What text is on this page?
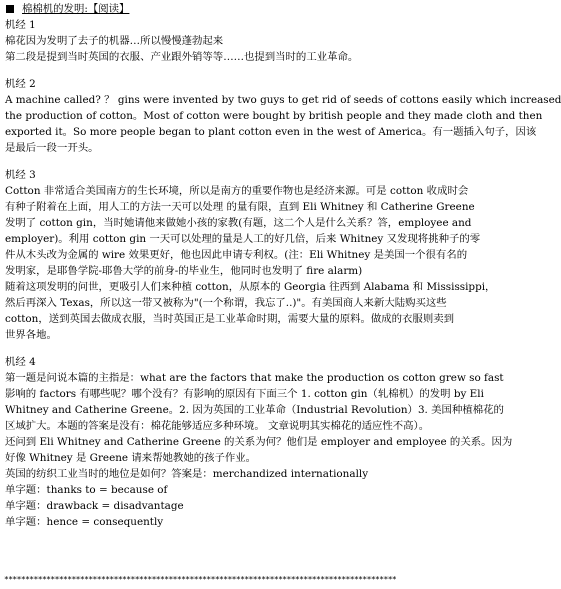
棉棉机的发明:【阅读】
机经 1
棉花因为发明了去子的机器…所以慢慢蓬勃起来
第二段是提到当时英国的衣服、产业跟外销等等……也提到当时的工业革命。
机经 2
A machine called? ？ gins were invented by two guys to get rid of seeds of cottons easily which increased
the production of cotton。Most of cotton were bought by british people and they made cloth and then
exported it。So more people began to plant cotton even in the west of America。有一题插入句子，因该
是最后一段一开头。
机经 3
Cotton 非常适合美国南方的生长环境，所以是南方的重要作物也是经济来源。可是 cotton 收成时会
有种子附着在上面，用人工的方法一天可以处理 的量有限，直到 Eli Whitney 和 Catherine Greene
发明了 cotton gin，当时她请他来做她小孩的家教(有题，这二个人是什么关系？答，employee and
employer)。利用 cotton gin 一天可以处理的量是人工的好几倍，后来 Whitney 又发现将挑种子的零
件从木头改为金属的 wire 效果更好，他也因此申请专利权。(注：Eli Whitney 是美国一个很有名的
发明家，是耶鲁学院-耶鲁大学的前身-的毕业生，他同时也发明了 fire alarm)
随着这项发明的问世，更吸引人们来种植 cotton，从原本的 Georgia 往西到 Alabama 和 Mississippi，
然后再深入 Texas，所以这一带又被称为"(一个称谓，我忘了..)"。有美国商人来新大陆购买这些
cotton，送到英国去做成衣服，当时英国正是工业革命时期，需要大量的原料。做成的衣服则卖到
世界各地。
机经 4
第一题是问说本篇的主指是：what are the factors that make the production os cotton grew so fast
影响的 factors 有哪些呢？哪个没有？有影响的原因有下面三个 1. cotton gin（轧棉机）的发明 by Eli
Whitney and Catherine Greene。2. 因为英国的工业革命（Industrial Revolution）3. 美国种植棉花的
区域扩大。本题的答案是没有：棉花能够适应多种环境。 文章说明其实棉花的适应性不高）。
还问到 Eli Whitney and Catherine Greene 的关系为何？他们是 employer and employee 的关系。因为
好像 Whitney 是 Greene 请来帮她教她的孩子作业。
英国的纺织工业当时的地位是如何？答案是：merchandized internationally
单字题：thanks to = because of
单字题：drawback = disadvantage
单字题：hence = consequently
*********************************************************************************************
